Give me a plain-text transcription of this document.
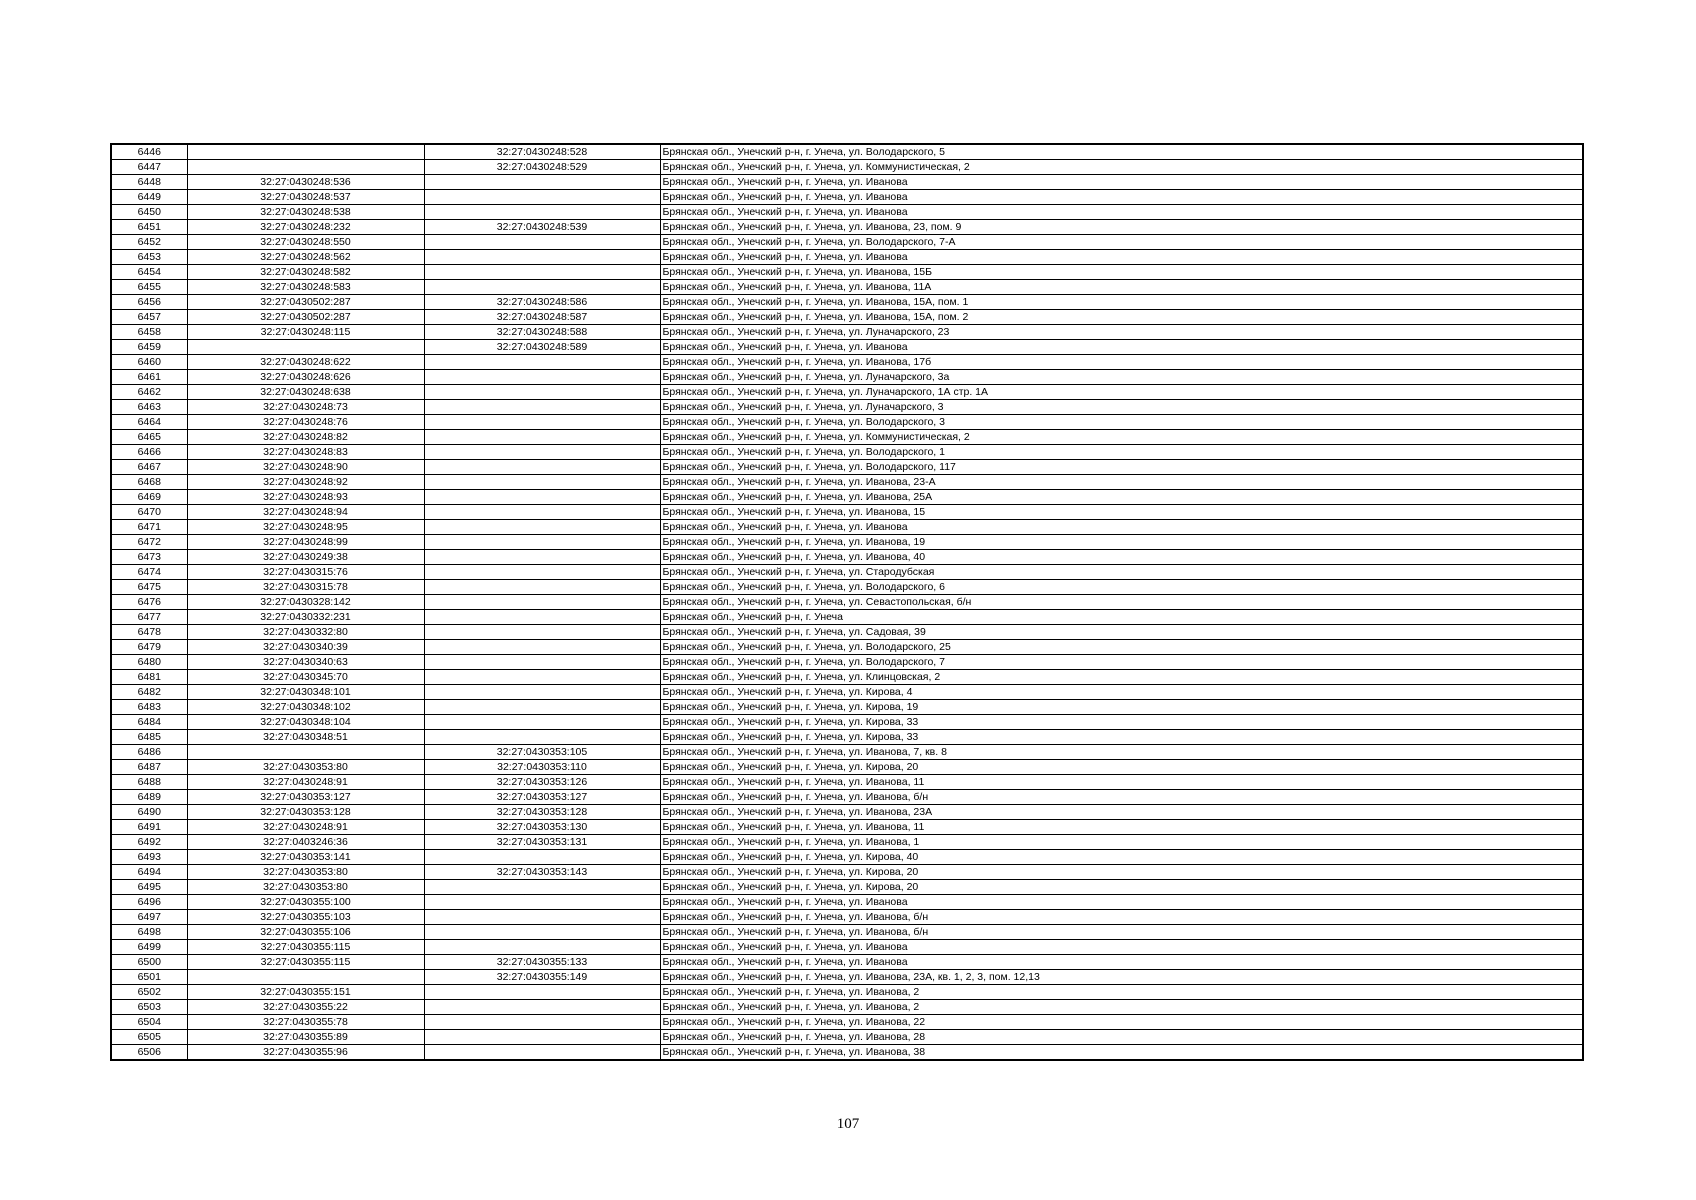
6446		32:27:0430248:528	Брянская обл., Унечский р-н, г. Унеча, ул. Володарского, 5
6447		32:27:0430248:529	Брянская обл., Унечский р-н, г. Унеча, ул. Коммунистическая, 2
6448	32:27:0430248:536		Брянская обл., Унечский р-н, г. Унеча, ул. Иванова
6449	32:27:0430248:537		Брянская обл., Унечский р-н, г. Унеча, ул. Иванова
6450	32:27:0430248:538		Брянская обл., Унечский р-н, г. Унеча, ул. Иванова
6451	32:27:0430248:232	32:27:0430248:539	Брянская обл., Унечский р-н, г. Унеча, ул. Иванова, 23, пом. 9
6452	32:27:0430248:550		Брянская обл., Унечский р-н, г. Унеча, ул. Володарского, 7-А
6453	32:27:0430248:562		Брянская обл., Унечский р-н, г. Унеча, ул. Иванова
6454	32:27:0430248:582		Брянская обл., Унечский р-н, г. Унеча, ул. Иванова, 15Б
6455	32:27:0430248:583		Брянская обл., Унечский р-н, г. Унеча, ул. Иванова, 11А
6456	32:27:0430502:287	32:27:0430248:586	Брянская обл., Унечский р-н, г. Унеча, ул. Иванова, 15А, пом. 1
6457	32:27:0430502:287	32:27:0430248:587	Брянская обл., Унечский р-н, г. Унеча, ул. Иванова, 15А, пом. 2
6458	32:27:0430248:115	32:27:0430248:588	Брянская обл., Унечский р-н, г. Унеча, ул. Луначарского, 23
6459		32:27:0430248:589	Брянская обл., Унечский р-н, г. Унеча, ул. Иванова
6460	32:27:0430248:622		Брянская обл., Унечский р-н, г. Унеча, ул. Иванова, 17б
6461	32:27:0430248:626		Брянская обл., Унечский р-н, г. Унеча, ул. Луначарского, 3а
6462	32:27:0430248:638		Брянская обл., Унечский р-н, г. Унеча, ул. Луначарского, 1А стр. 1А
6463	32:27:0430248:73		Брянская обл., Унечский р-н, г. Унеча, ул. Луначарского, 3
6464	32:27:0430248:76		Брянская обл., Унечский р-н, г. Унеча, ул. Володарского, 3
6465	32:27:0430248:82		Брянская обл., Унечский р-н, г. Унеча, ул. Коммунистическая, 2
6466	32:27:0430248:83		Брянская обл., Унечский р-н, г. Унеча, ул. Володарского, 1
6467	32:27:0430248:90		Брянская обл., Унечский р-н, г. Унеча, ул. Володарского, 117
6468	32:27:0430248:92		Брянская обл., Унечский р-н, г. Унеча, ул. Иванова, 23-А
6469	32:27:0430248:93		Брянская обл., Унечский р-н, г. Унеча, ул. Иванова, 25А
6470	32:27:0430248:94		Брянская обл., Унечский р-н, г. Унеча, ул. Иванова, 15
6471	32:27:0430248:95		Брянская обл., Унечский р-н, г. Унеча, ул. Иванова
6472	32:27:0430248:99		Брянская обл., Унечский р-н, г. Унеча, ул. Иванова, 19
6473	32:27:0430249:38		Брянская обл., Унечский р-н, г. Унеча, ул. Иванова, 40
6474	32:27:0430315:76		Брянская обл., Унечский р-н, г. Унеча, ул. Стародубская
6475	32:27:0430315:78		Брянская обл., Унечский р-н, г. Унеча, ул. Володарского, 6
6476	32:27:0430328:142		Брянская обл., Унечский р-н, г. Унеча, ул. Севастопольская, б/н
6477	32:27:0430332:231		Брянская обл., Унечский р-н, г. Унеча
6478	32:27:0430332:80		Брянская обл., Унечский р-н, г. Унеча, ул. Садовая, 39
6479	32:27:0430340:39		Брянская обл., Унечский р-н, г. Унеча, ул. Володарского, 25
6480	32:27:0430340:63		Брянская обл., Унечский р-н, г. Унеча, ул. Володарского, 7
6481	32:27:0430345:70		Брянская обл., Унечский р-н, г. Унеча, ул. Клинцовская, 2
6482	32:27:0430348:101		Брянская обл., Унечский р-н, г. Унеча, ул. Кирова, 4
6483	32:27:0430348:102		Брянская обл., Унечский р-н, г. Унеча, ул. Кирова, 19
6484	32:27:0430348:104		Брянская обл., Унечский р-н, г. Унеча, ул. Кирова, 33
6485	32:27:0430348:51		Брянская обл., Унечский р-н, г. Унеча, ул. Кирова, 33
6486		32:27:0430353:105	Брянская обл., Унечский р-н, г. Унеча, ул. Иванова, 7, кв. 8
6487	32:27:0430353:80	32:27:0430353:110	Брянская обл., Унечский р-н, г. Унеча, ул. Кирова, 20
6488	32:27:0430248:91	32:27:0430353:126	Брянская обл., Унечский р-н, г. Унеча, ул. Иванова, 11
6489	32:27:0430353:127	32:27:0430353:127	Брянская обл., Унечский р-н, г. Унеча, ул. Иванова, б/н
6490	32:27:0430353:128	32:27:0430353:128	Брянская обл., Унечский р-н, г. Унеча, ул. Иванова, 23А
6491	32:27:0430248:91	32:27:0430353:130	Брянская обл., Унечский р-н, г. Унеча, ул. Иванова, 11
6492	32:27:0403246:36	32:27:0430353:131	Брянская обл., Унечский р-н, г. Унеча, ул. Иванова, 1
6493	32:27:0430353:141		Брянская обл., Унечский р-н, г. Унеча, ул. Кирова, 40
6494	32:27:0430353:80	32:27:0430353:143	Брянская обл., Унечский р-н, г. Унеча, ул. Кирова, 20
6495	32:27:0430353:80		Брянская обл., Унечский р-н, г. Унеча, ул. Кирова, 20
6496	32:27:0430355:100		Брянская обл., Унечский р-н, г. Унеча, ул. Иванова
6497	32:27:0430355:103		Брянская обл., Унечский р-н, г. Унеча, ул. Иванова, б/н
6498	32:27:0430355:106		Брянская обл., Унечский р-н, г. Унеча, ул. Иванова, б/н
6499	32:27:0430355:115		Брянская обл., Унечский р-н, г. Унеча, ул. Иванова
6500	32:27:0430355:115	32:27:0430355:133	Брянская обл., Унечский р-н, г. Унеча, ул. Иванова
6501		32:27:0430355:149	Брянская обл., Унечский р-н, г. Унеча, ул. Иванова, 23А, кв. 1, 2, 3, пом. 12,13
6502	32:27:0430355:151		Брянская обл., Унечский р-н, г. Унеча, ул. Иванова, 2
6503	32:27:0430355:22		Брянская обл., Унечский р-н, г. Унеча, ул. Иванова, 2
6504	32:27:0430355:78		Брянская обл., Унечский р-н, г. Унеча, ул. Иванова, 22
6505	32:27:0430355:89		Брянская обл., Унечский р-н, г. Унеча, ул. Иванова, 28
6506	32:27:0430355:96		Брянская обл., Унечский р-н, г. Унеча, ул. Иванова, 38
107
